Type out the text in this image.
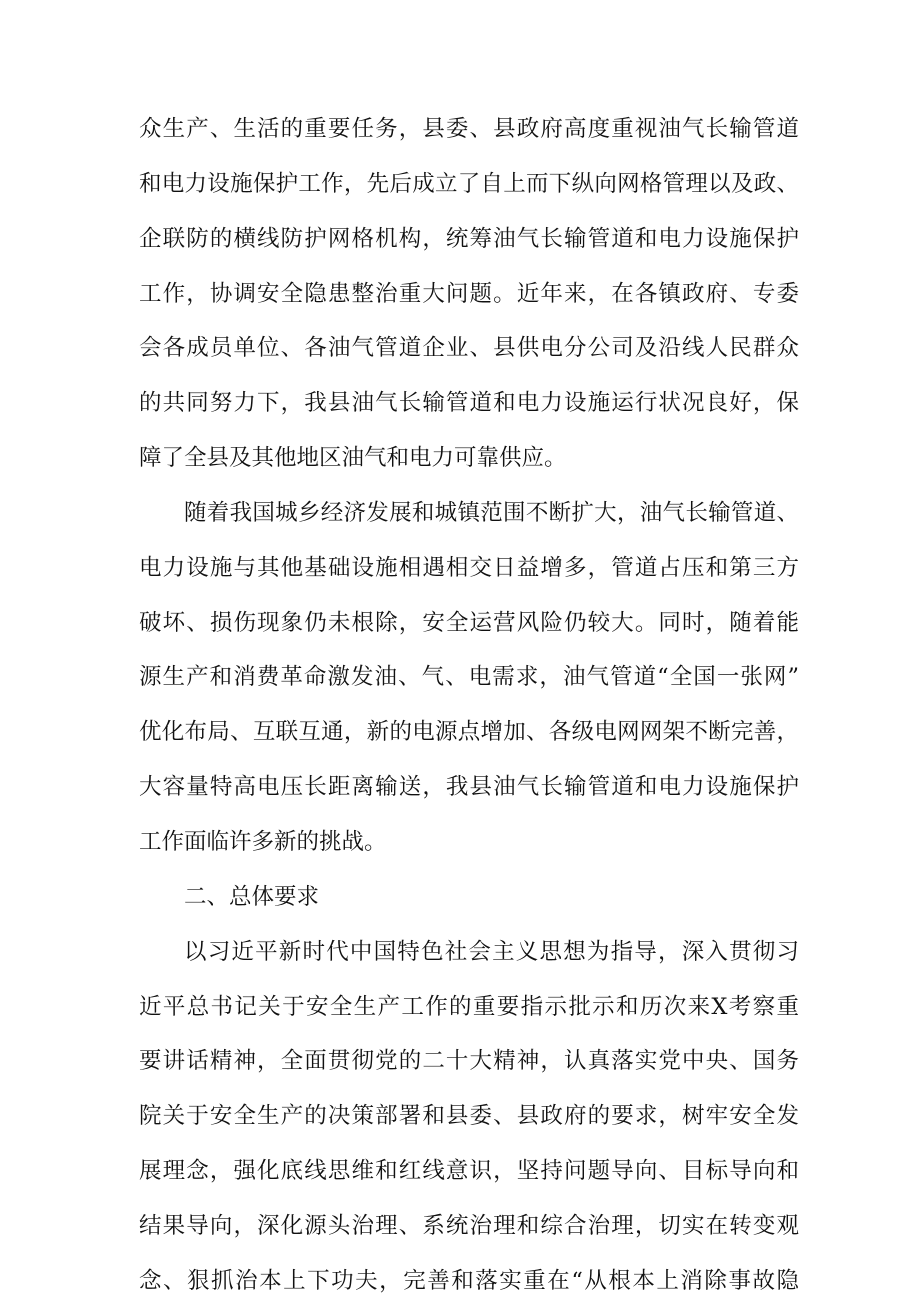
众生产、生活的重要任务，县委、县政府高度重视油气长输管道
和电力设施保护工作，先后成立了自上而下纵向网格管理以及政、
企联防的横线防护网格机构，统筹油气长输管道和电力设施保护
工作，协调安全隐患整治重大问题。近年来，在各镇政府、专委
会各成员单位、各油气管道企业、县供电分公司及沿线人民群众
的共同努力下，我县油气长输管道和电力设施运行状况良好，保
障了全县及其他地区油气和电力可靠供应。
随着我国城乡经济发展和城镇范围不断扩大，油气长输管道、
电力设施与其他基础设施相遇相交日益增多，管道占压和第三方
破坏、损伤现象仍未根除，安全运营风险仍较大。同时，随着能
源生产和消费革命激发油、气、电需求，油气管道“全国一张网”
优化布局、互联互通，新的电源点增加、各级电网网架不断完善，
大容量特高电压长距离输送，我县油气长输管道和电力设施保护
工作面临许多新的挑战。
二、总体要求
以习近平新时代中国特色社会主义思想为指导，深入贯彻习
近平总书记关于安全生产工作的重要指示批示和历次来X考察重
要讲话精神，全面贯彻党的二十大精神，认真落实党中央、国务
院关于安全生产的决策部署和县委、县政府的要求，树牢安全发
展理念，强化底线思维和红线意识，坚持问题导向、目标导向和
结果导向，深化源头治理、系统治理和综合治理，切实在转变观
念、狠抓治本上下功夫，完善和落实重在“从根本上消除事故隐
